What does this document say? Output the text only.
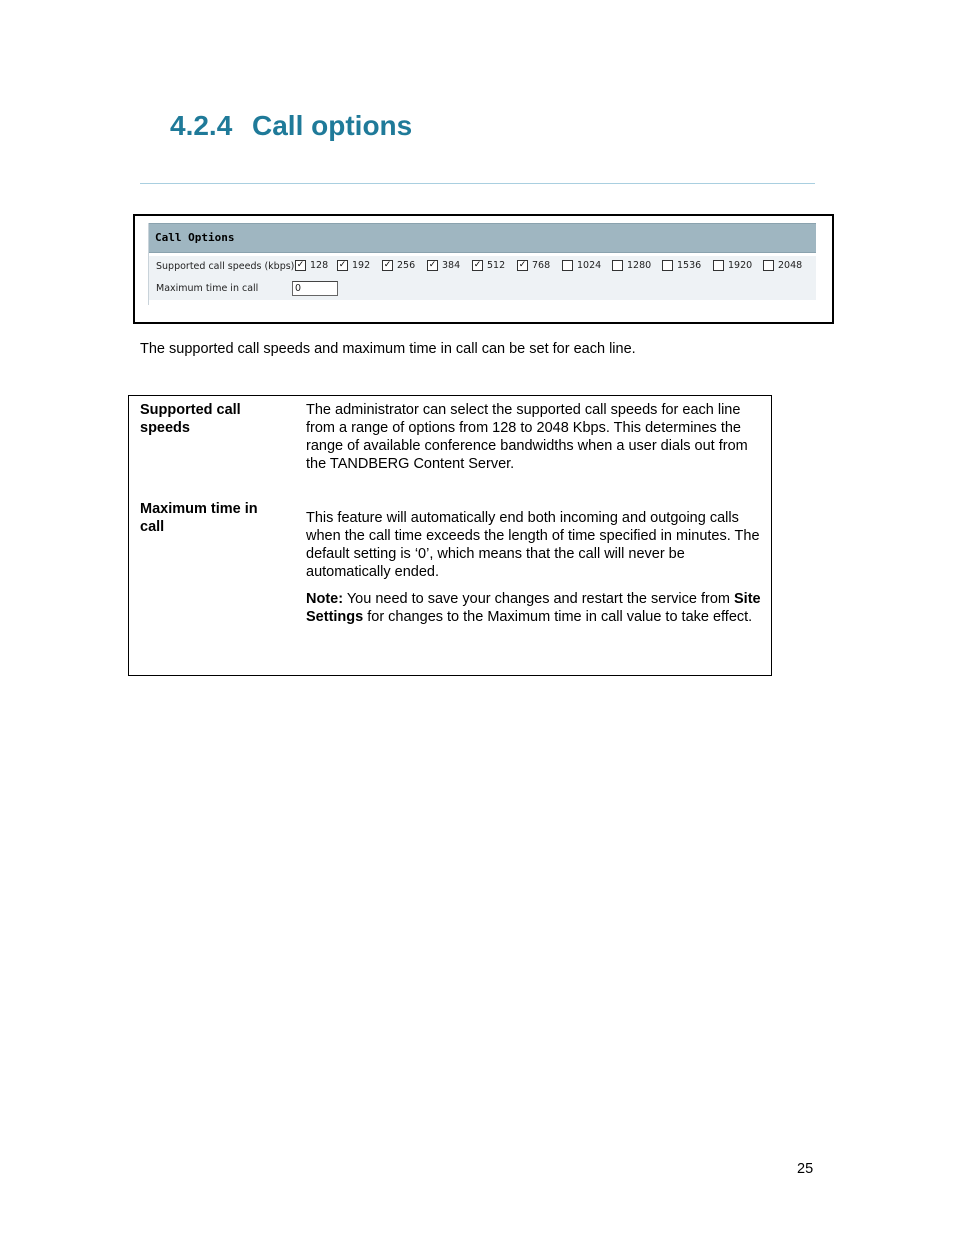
4.2.4 Call options
Call Options
Supported call speeds (kbps) ✓ 128 ✓ 192 ✓ 256 ✓ 384 ✓ 512 ✓ 768	1024	1280	1536	1920	2048
Maximum time in call	0
The supported call speeds and maximum time in call can be set for each line.
Supported call speeds

The administrator can select the supported call speeds for each line from a range of options from 128 to 2048 Kbps. This determines the range of available conference bandwidths when a user dials out from the TANDBERG Content Server.

Maximum time in call

This feature will automatically end both incoming and outgoing calls when the call time exceeds the length of time specified in minutes. The default setting is ‘0’, which means that the call will never be automatically ended.

Note: You need to save your changes and restart the service from Site Settings for changes to the Maximum time in call value to take effect.

25
